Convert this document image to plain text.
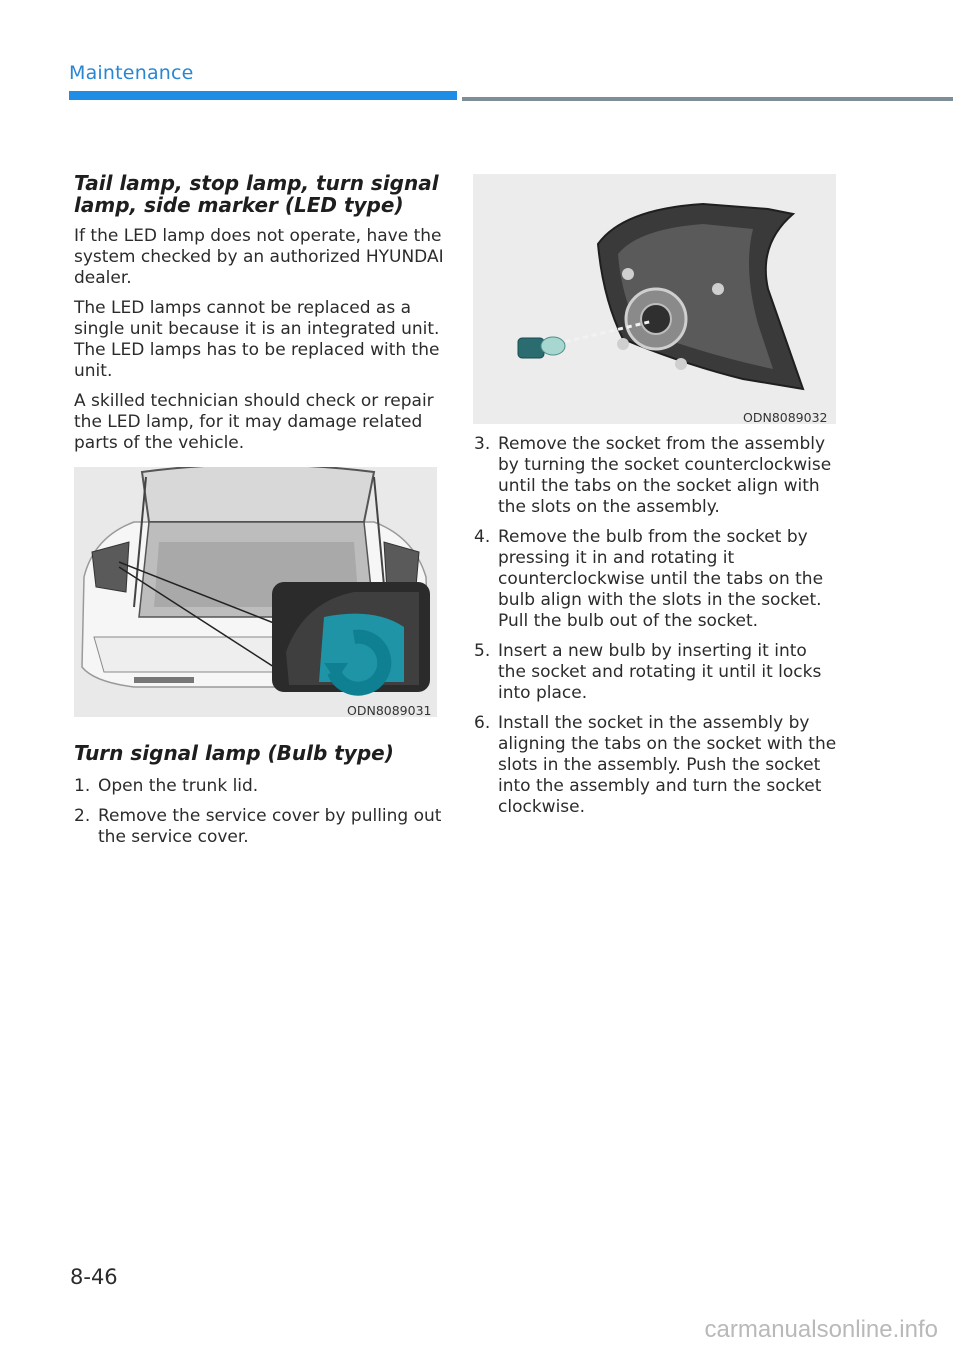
Maintenance
Tail lamp, stop lamp, turn signal lamp, side marker (LED type)

If the LED lamp does not operate, have the system checked by an authorized HYUNDAI dealer.

The LED lamps cannot be replaced as a single unit because it is an integrated unit. The LED lamps has to be replaced with the unit.

A skilled technician should check or repair the LED lamp, for it may damage related parts of the vehicle.

ODN8089031
Turn signal lamp (Bulb type)
1. Open the trunk lid.
2. Remove the service cover by pulling out the service cover.
ODN8089032
3. Remove the socket from the assembly by turning the socket counterclockwise until the tabs on the socket align with the slots on the assembly.
4. Remove the bulb from the socket by pressing it in and rotating it counterclockwise until the tabs on the bulb align with the slots in the socket. Pull the bulb out of the socket.
5. Insert a new bulb by inserting it into the socket and rotating it until it locks into place.
6. Install the socket in the assembly by aligning the tabs on the socket with the slots in the assembly. Push the socket into the assembly and turn the socket clockwise.
8-46
carmanualsonline.info
